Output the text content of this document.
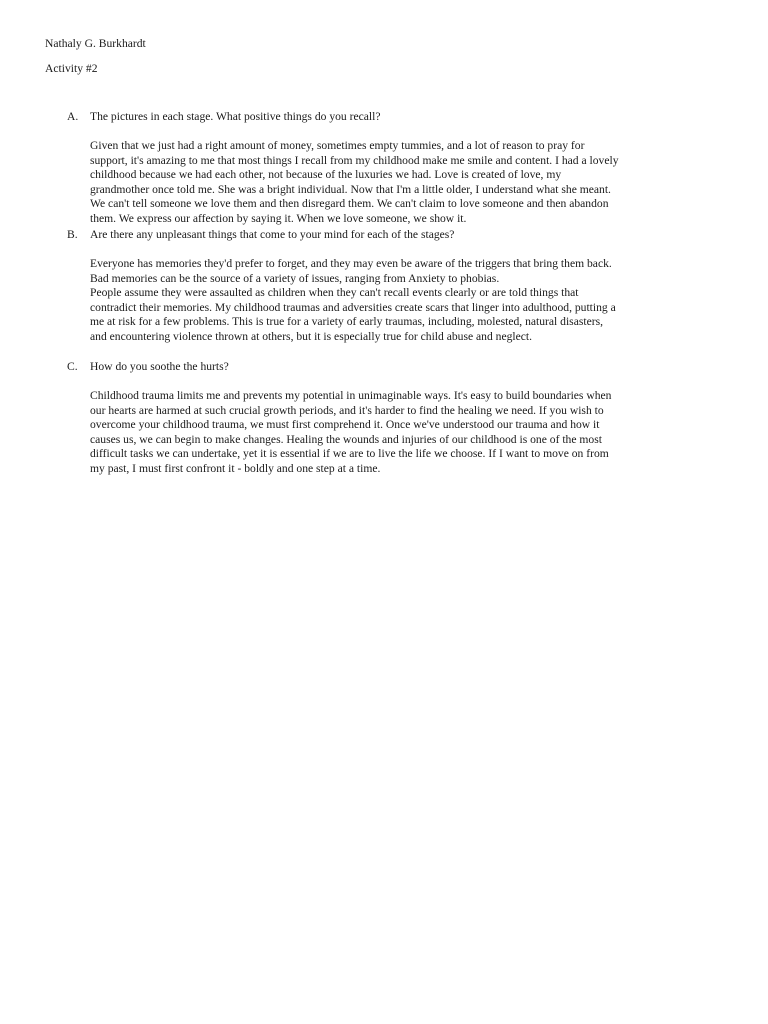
Nathaly G. Burkhardt
Activity #2
A. The pictures in each stage. What positive things do you recall?
Given that we just had a right amount of money, sometimes empty tummies, and a lot of reason to pray for
support, it's amazing to me that most things I recall from my childhood make me smile and content. I had a lovely
childhood because we had each other, not because of the luxuries we had. Love is created of love, my
grandmother once told me. She was a bright individual. Now that I'm a little older, I understand what she meant.
We can't tell someone we love them and then disregard them. We can't claim to love someone and then abandon
them. We express our affection by saying it. When we love someone, we show it.
B. Are there any unpleasant things that come to your mind for each of the stages?
Everyone has memories they'd prefer to forget, and they may even be aware of the triggers that bring them back.
Bad memories can be the source of a variety of issues, ranging from Anxiety to phobias.
People assume they were assaulted as children when they can't recall events clearly or are told things that
contradict their memories. My childhood traumas and adversities create scars that linger into adulthood, putting a
me at risk for a few problems. This is true for a variety of early traumas, including, molested, natural disasters,
and encountering violence thrown at others, but it is especially true for child abuse and neglect.
C. How do you soothe the hurts?
Childhood trauma limits me and prevents my potential in unimaginable ways. It's easy to build boundaries when
our hearts are harmed at such crucial growth periods, and it's harder to find the healing we need. If you wish to
overcome your childhood trauma, we must first comprehend it. Once we've understood our trauma and how it
causes us, we can begin to make changes. Healing the wounds and injuries of our childhood is one of the most
difficult tasks we can undertake, yet it is essential if we are to live the life we choose. If I want to move on from
my past, I must first confront it - boldly and one step at a time.
